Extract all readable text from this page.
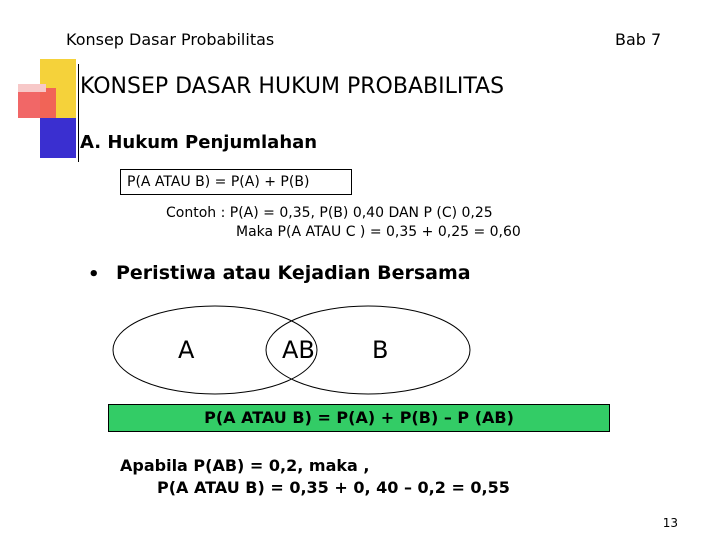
Konsep Dasar Probabilitas	Bab 7
KONSEP DASAR HUKUM PROBABILITAS
A. Hukum Penjumlahan
P(A ATAU B) = P(A) + P(B)
Contoh : P(A) = 0,35, P(B) 0,40 DAN P (C) 0,25
Maka P(A ATAU C ) = 0,35 + 0,25 = 0,60
• Peristiwa atau Kejadian Bersama
A	AB B
P(A ATAU B) = P(A) + P(B) – P (AB)
Apabila P(AB) = 0,2, maka ,
P(A ATAU B) = 0,35 + 0, 40 – 0,2 = 0,55
13
